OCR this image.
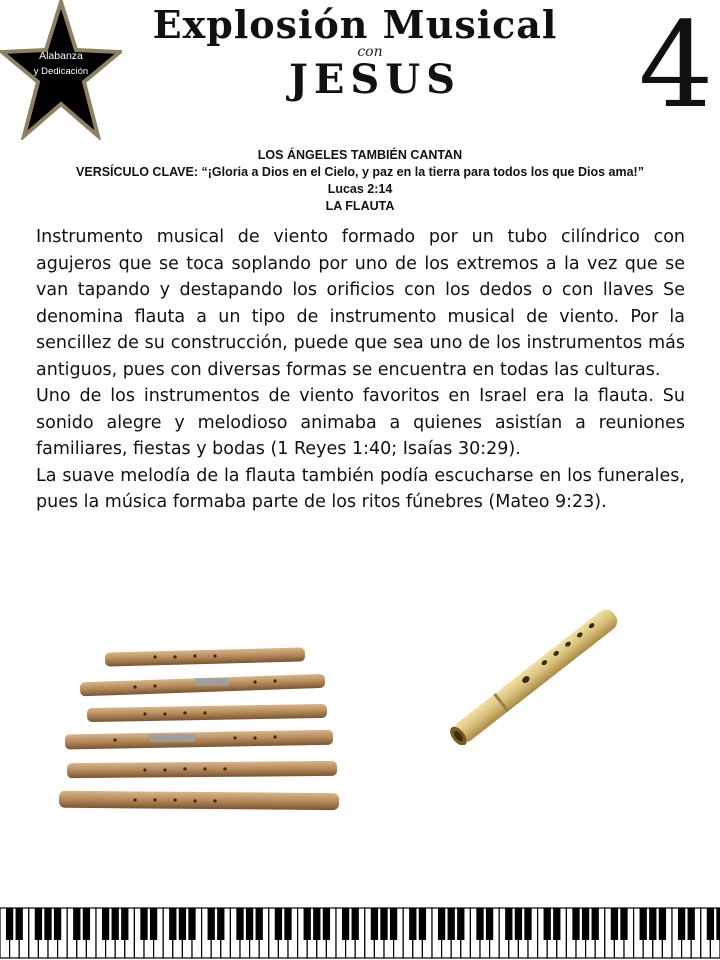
Alabanza
y Dedicación
Explosión Musical
con
JESUS	4
LOS ÁNGELES TAMBIÉN CANTAN
VERSÍCULO CLAVE: “¡Gloria a Dios en el Cielo, y paz en la tierra para todos los que Dios ama!”
Lucas 2:14
LA FLAUTA

Instrumento musical de viento formado por un tubo cilíndrico con agujeros que se toca soplando por uno de los extremos a la vez que se van tapando y destapando los orificios con los dedos o con llaves Se denomina flauta a un tipo de instrumento musical de viento. Por la sencillez de su construcción, puede que sea uno de los instrumentos más antiguos, pues con diversas formas se encuentra en todas las culturas.

Uno de los instrumentos de viento favoritos en Israel era la flauta. Su sonido alegre y melodioso animaba a quienes asistían a reuniones familiares, fiestas y bodas (1 Reyes 1:40; Isaías 30:29).

La suave melodía de la flauta también podía escucharse en los funerales, pues la música formaba parte de los ritos fúnebres (Mateo 9:23).
